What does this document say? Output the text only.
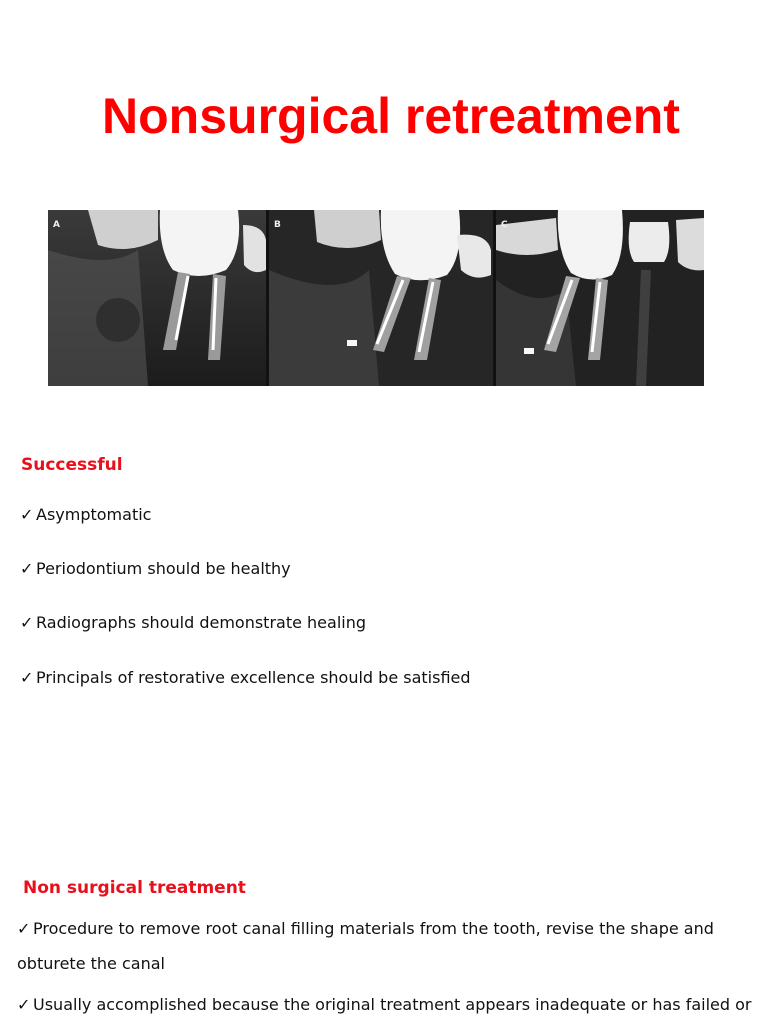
Nonsurgical retreatment
A	B	C
Successful
✓ Asymptomatic
✓ Periodontium should be healthy
✓ Radiographs should demonstrate healing
✓ Principals of restorative excellence should be satisfied
Non surgical treatment
✓ Procedure to remove root canal filling materials from the tooth, revise the shape and obturete the canal
✓ Usually accomplished because the original treatment appears inadequate or has failed or
